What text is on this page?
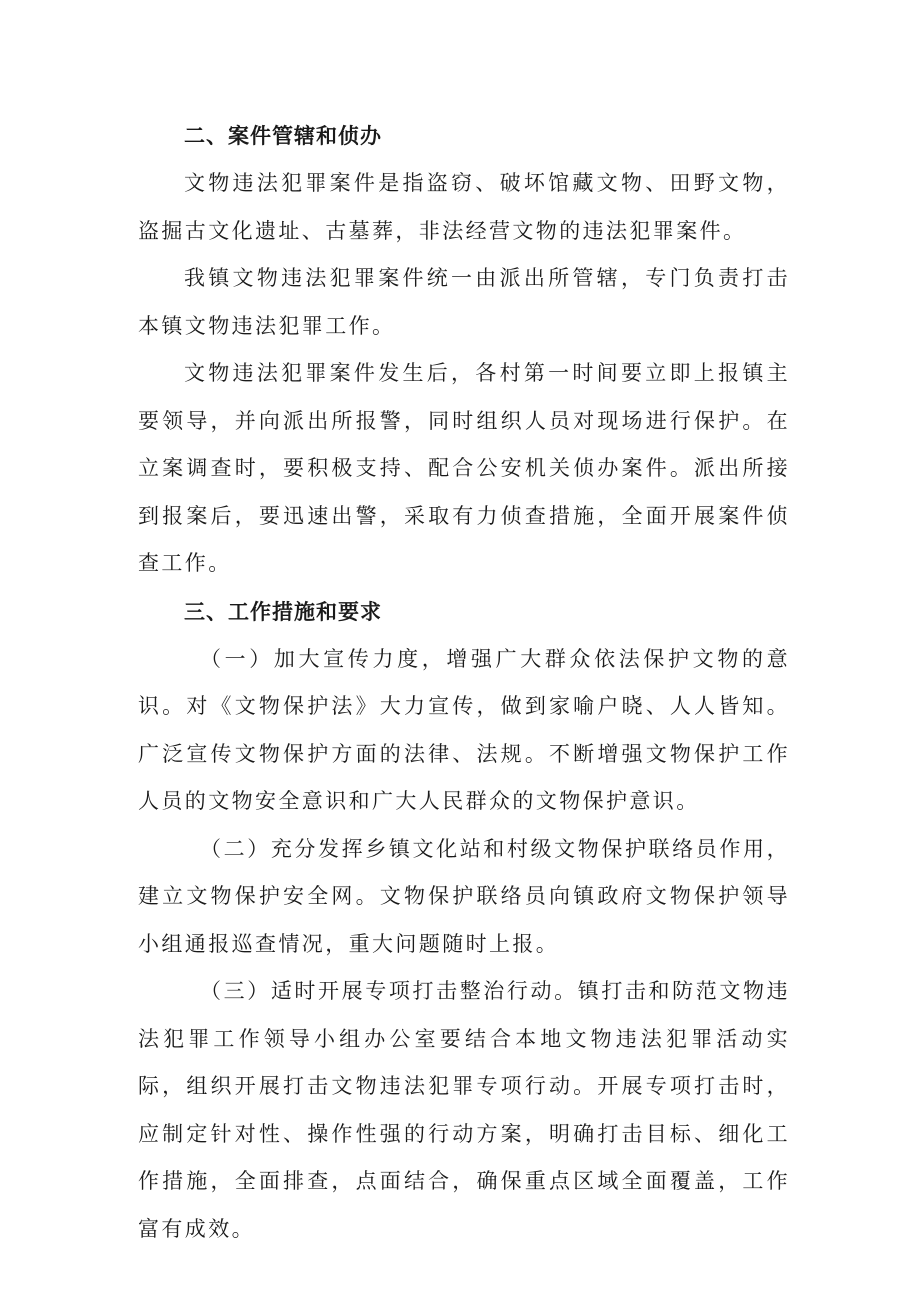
二、案件管辖和侦办

文物违法犯罪案件是指盗窃、破坏馆藏文物、田野文物，盗掘古文化遗址、古墓葬，非法经营文物的违法犯罪案件。

我镇文物违法犯罪案件统一由派出所管辖，专门负责打击本镇文物违法犯罪工作。

文物违法犯罪案件发生后，各村第一时间要立即上报镇主要领导，并向派出所报警，同时组织人员对现场进行保护。在立案调查时，要积极支持、配合公安机关侦办案件。派出所接到报案后，要迅速出警，采取有力侦查措施，全面开展案件侦查工作。

三、工作措施和要求

（一）加大宣传力度，增强广大群众依法保护文物的意识。对《文物保护法》大力宣传，做到家喻户晓、人人皆知。广泛宣传文物保护方面的法律、法规。不断增强文物保护工作人员的文物安全意识和广大人民群众的文物保护意识。

（二）充分发挥乡镇文化站和村级文物保护联络员作用，建立文物保护安全网。文物保护联络员向镇政府文物保护领导小组通报巡查情况，重大问题随时上报。

（三）适时开展专项打击整治行动。镇打击和防范文物违法犯罪工作领导小组办公室要结合本地文物违法犯罪活动实际，组织开展打击文物违法犯罪专项行动。开展专项打击时，应制定针对性、操作性强的行动方案，明确打击目标、细化工作措施，全面排查，点面结合，确保重点区域全面覆盖，工作富有成效。
